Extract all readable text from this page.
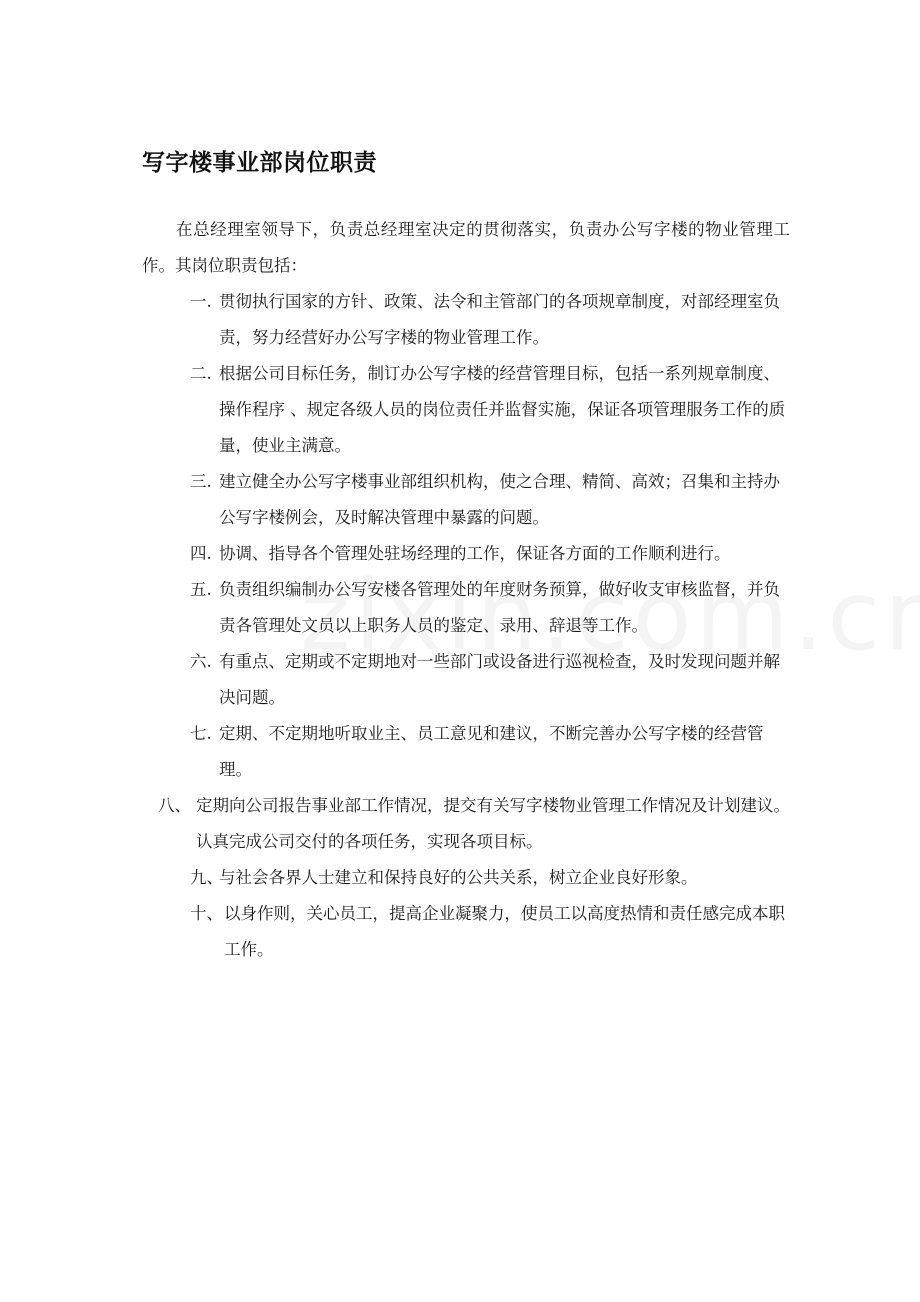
写字楼事业部岗位职责

在总经理室领导下，负责总经理室决定的贯彻落实，负责办公写字楼的物业管理工作。其岗位职责包括：

一. 贯彻执行国家的方针、政策、法令和主管部门的各项规章制度，对部经理室负责，努力经营好办公写字楼的物业管理工作。
二. 根据公司目标任务，制订办公写字楼的经营管理目标，包括一系列规章制度、操作程序 、规定各级人员的岗位责任并监督实施，保证各项管理服务工作的质量，使业主满意。
三. 建立健全办公写字楼事业部组织机构，使之合理、精简、高效；召集和主持办公写字楼例会，及时解决管理中暴露的问题。
四. 协调、指导各个管理处驻场经理的工作，保证各方面的工作顺利进行。
五. 负责组织编制办公写安楼各管理处的年度财务预算，做好收支审核监督，并负责各管理处文员以上职务人员的鉴定、录用、辞退等工作。
六. 有重点、定期或不定期地对一些部门或设备进行巡视检查，及时发现问题并解决问题。
七. 定期、不定期地听取业主、员工意见和建议，不断完善办公写字楼的经营管理。
八、 定期向公司报告事业部工作情况，提交有关写字楼物业管理工作情况及计划建议。认真完成公司交付的各项任务，实现各项目标。
九、
与社会各界人士建立和保持良好的公共关系，树立企业良好形象。
十、 以身作则，关心员工，提高企业凝聚力，使员工以高度热情和责任感完成本职工作。
